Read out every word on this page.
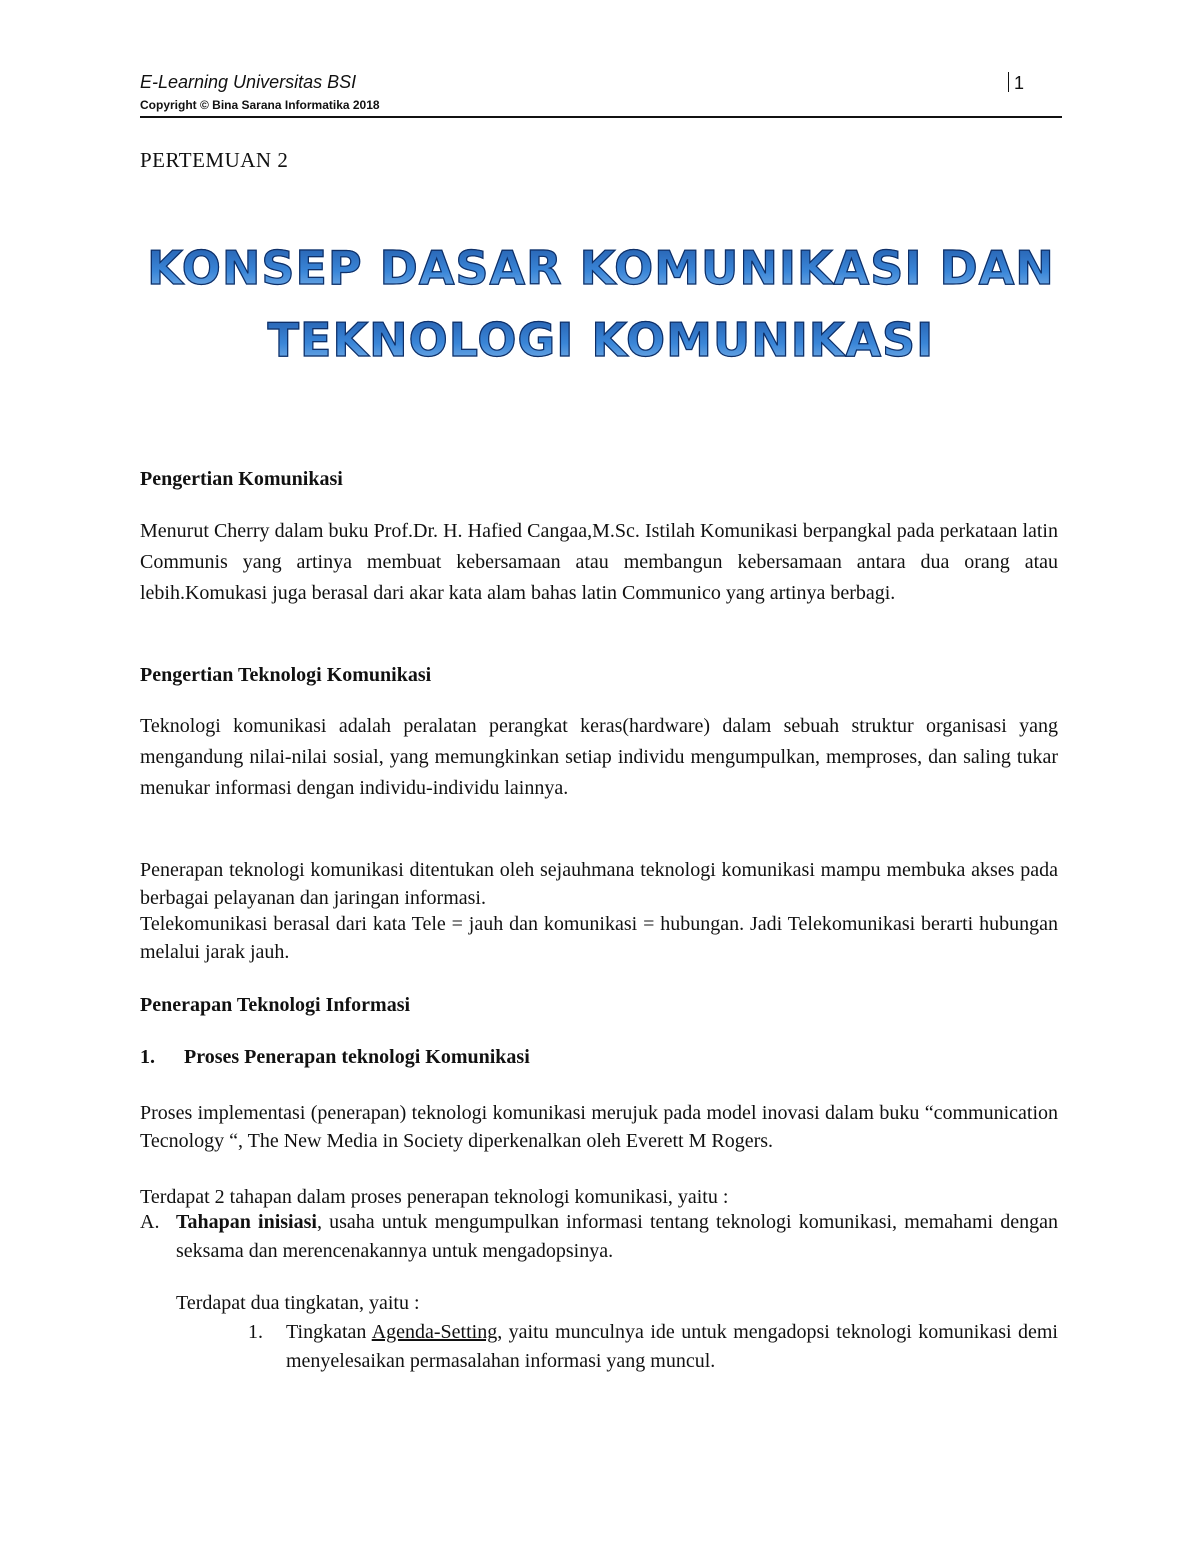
E-Learning Universitas BSI	1
Copyright © Bina Sarana Informatika 2018
PERTEMUAN 2
KONSEP DASAR KOMUNIKASI DAN
TEKNOLOGI KOMUNIKASI
Pengertian Komunikasi
Menurut Cherry dalam buku Prof.Dr. H. Hafied Cangaa,M.Sc. Istilah Komunikasi berpangkal pada perkataan latin Communis yang artinya membuat kebersamaan atau membangun kebersamaan antara dua orang atau lebih.Komukasi juga berasal dari akar kata alam bahas latin Communico yang artinya berbagi.
Pengertian Teknologi Komunikasi
Teknologi komunikasi adalah peralatan perangkat keras(hardware) dalam sebuah struktur organisasi yang mengandung nilai-nilai sosial, yang memungkinkan setiap individu mengumpulkan, memproses, dan saling tukar menukar informasi dengan individu-individu lainnya.
Penerapan teknologi komunikasi ditentukan oleh sejauhmana teknologi komunikasi mampu membuka akses pada berbagai pelayanan dan jaringan informasi.
Telekomunikasi berasal dari kata Tele = jauh dan komunikasi = hubungan. Jadi Telekomunikasi berarti hubungan melalui jarak jauh.
Penerapan Teknologi Informasi
1. Proses Penerapan teknologi Komunikasi
Proses implementasi (penerapan) teknologi komunikasi merujuk pada model inovasi dalam buku “communication Tecnology “, The New Media in Society diperkenalkan oleh Everett M Rogers.
Terdapat 2 tahapan dalam proses penerapan teknologi komunikasi, yaitu :
A. Tahapan inisiasi, usaha untuk mengumpulkan informasi tentang teknologi komunikasi, memahami dengan seksama dan merencenakannya untuk mengadopsinya.
Terdapat dua tingkatan, yaitu :
1. Tingkatan Agenda-Setting, yaitu munculnya ide untuk mengadopsi teknologi komunikasi demi menyelesaikan permasalahan informasi yang muncul.
